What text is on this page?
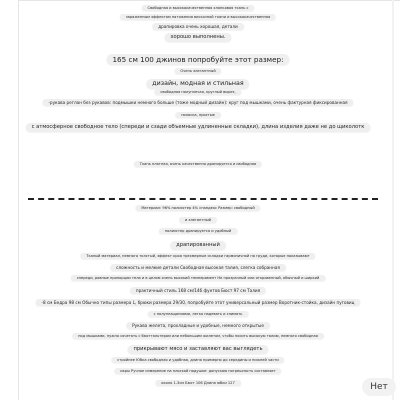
Свободная и высококачественная хлопковая ткань с
заряженным эффектом натяжения вискозной ткани и высококачественная
драпировка очень хорошая, детали
хорошо выполнены.
165 см 100 джинов попробуйте этот размер:
Очень элегантный
дизайн, модная и стильная
свободная полуплечая, круглый вырез,
-рукава реглан без рукавов: подмышки немного больше (тоже модный дизайн): круг под мышками, очень фактурная фиксированная
полоска, простые
с атмосферное свободное тело (спереди и сзади объемные удлиненные складки), длина изделия даже не до щиколотк
Ткань плотная, очень качественно драпируется и свободная
Материал: 96% полиэстер 4% спандекс Размер: свободный
и элегантный
полиэстер драпируется и удобный
драпированный
Тканый материал, немного толстый, эффект кроя трехмерные складки гармоничной на груди, которые показывают
сложность и мелкие детали Свободная высокая талия, слегка собранная
спереди, ровные пропорции тела и в целом очень высокий темперамент Не прозрачный или откровенный, обычный и ширкий
практичный стиль 168 см/146 фунтов Бюст 97 см Талия
-8 см Бедра 98 см Обычно типы размера L, брюки размера 29/30, попробуйте этот универсальный размер Воротник-стойка, дизайн пуговиц
с полуплащаниями, легко надевать и снимать
Рукава желета, прохладные и удобные, немного открытые
под мышками, нужно сочетать с бюстгальтером или небольшим жилетом, чтобы носить высокую талию, немного свободная
прикрывают мясо и заставляют вас выглядеть
стройнее Юбка свободная и удобная, длина примерно до середины и нижней части
икры Ручное измерение на плоской подушке: допускаю погрешность составляет
около 1-3см Бюст 106 Длина юбки 127	Нет
